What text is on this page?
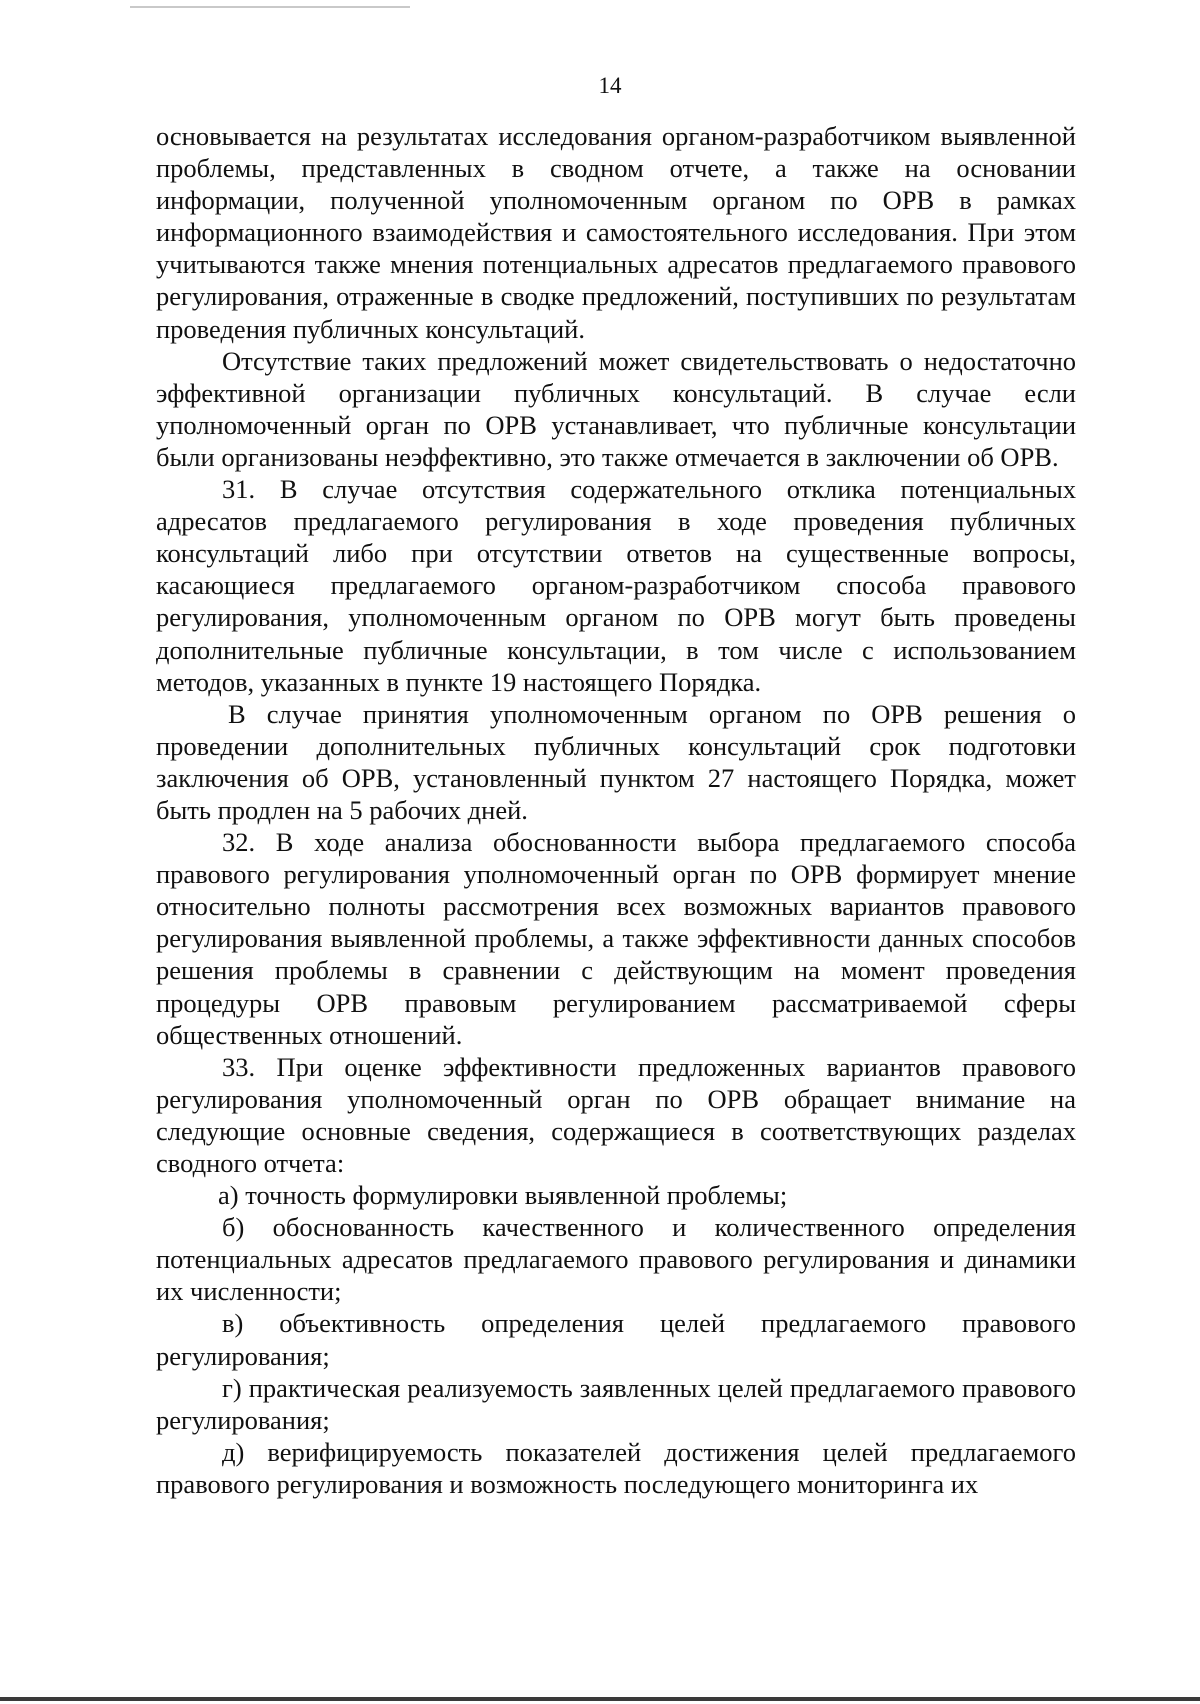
14

основывается на результатах исследования органом-разработчиком выявленной проблемы, представленных в сводном отчете, а также на основании информации, полученной уполномоченным органом по ОРВ в рамках информационного взаимодействия и самостоятельного исследования. При этом учитываются также мнения потенциальных адресатов предлагаемого правового регулирования, отраженные в сводке предложений, поступивших по результатам проведения публичных консультаций.

Отсутствие таких предложений может свидетельствовать о недостаточно эффективной организации публичных консультаций. В случае если уполномоченный орган по ОРВ устанавливает, что публичные консультации были организованы неэффективно, это также отмечается в заключении об ОРВ.

31. В случае отсутствия содержательного отклика потенциальных адресатов предлагаемого регулирования в ходе проведения публичных консультаций либо при отсутствии ответов на существенные вопросы, касающиеся предлагаемого органом-разработчиком способа правового регулирования, уполномоченным органом по ОРВ могут быть проведены дополнительные публичные консультации, в том числе с использованием методов, указанных в пункте 19 настоящего Порядка.

В случае принятия уполномоченным органом по ОРВ решения о проведении дополнительных публичных консультаций срок подготовки заключения об ОРВ, установленный пунктом 27 настоящего Порядка, может быть продлен на 5 рабочих дней.

32. В ходе анализа обоснованности выбора предлагаемого способа правового регулирования уполномоченный орган по ОРВ формирует мнение относительно полноты рассмотрения всех возможных вариантов правового регулирования выявленной проблемы, а также эффективности данных способов решения проблемы в сравнении с действующим на момент проведения процедуры ОРВ правовым регулированием рассматриваемой сферы общественных отношений.

33. При оценке эффективности предложенных вариантов правового регулирования уполномоченный орган по ОРВ обращает внимание на следующие основные сведения, содержащиеся в соответствующих разделах сводного отчета:

а) точность формулировки выявленной проблемы;

б) обоснованность качественного и количественного определения потенциальных адресатов предлагаемого правового регулирования и динамики их численности;

в) объективность определения целей предлагаемого правового регулирования;

г) практическая реализуемость заявленных целей предлагаемого правового регулирования;

д) верифицируемость показателей достижения целей предлагаемого правового регулирования и возможность последующего мониторинга их
